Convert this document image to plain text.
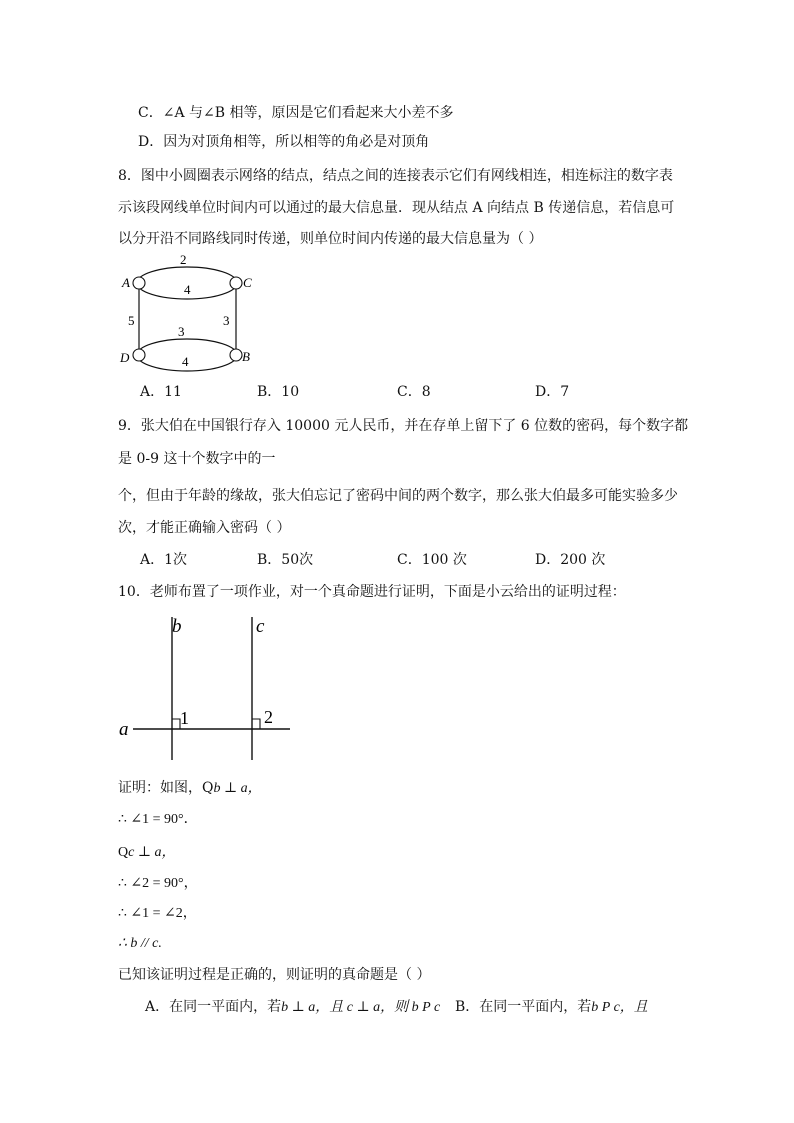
C．∠A 与∠B 相等，原因是它们看起来大小差不多
D．因为对顶角相等，所以相等的角必是对顶角
8．图中小圆圈表示网络的结点，结点之间的连接表示它们有网线相连，相连标注的数字表
示该段网线单位时间内可以通过的最大信息量．现从结点 A 向结点 B 传递信息，若信息可
以分开沿不同路线同时传递，则单位时间内传递的最大信息量为（ ）
A	C
D	B
2
4
5	3
3
4
A．11	B．10	C．8	D．7
9．张大伯在中国银行存入 10000 元人民币，并在存单上留下了 6 位数的密码，每个数字都
是 0-9 这十个数字中的一
个，但由于年龄的缘故，张大伯忘记了密码中间的两个数字，那么张大伯最多可能实验多少
次，才能正确输入密码（ ）
A．1次	B．50次	C．100 次	D．200 次
10．老师布置了一项作业，对一个真命题进行证明，下面是小云给出的证明过程：
b	c
a
1	2
证明：如图，Qb ⊥ a，
∴ ∠1 = 90°．
Qc ⊥ a，
∴ ∠2 = 90°，
∴ ∠1 = ∠2，
∴ b // c.
已知该证明过程是正确的，则证明的真命题是（ ）
A．在同一平面内，若b ⊥ a，且 c ⊥ a，则 b P c B．在同一平面内，若b P c，且
